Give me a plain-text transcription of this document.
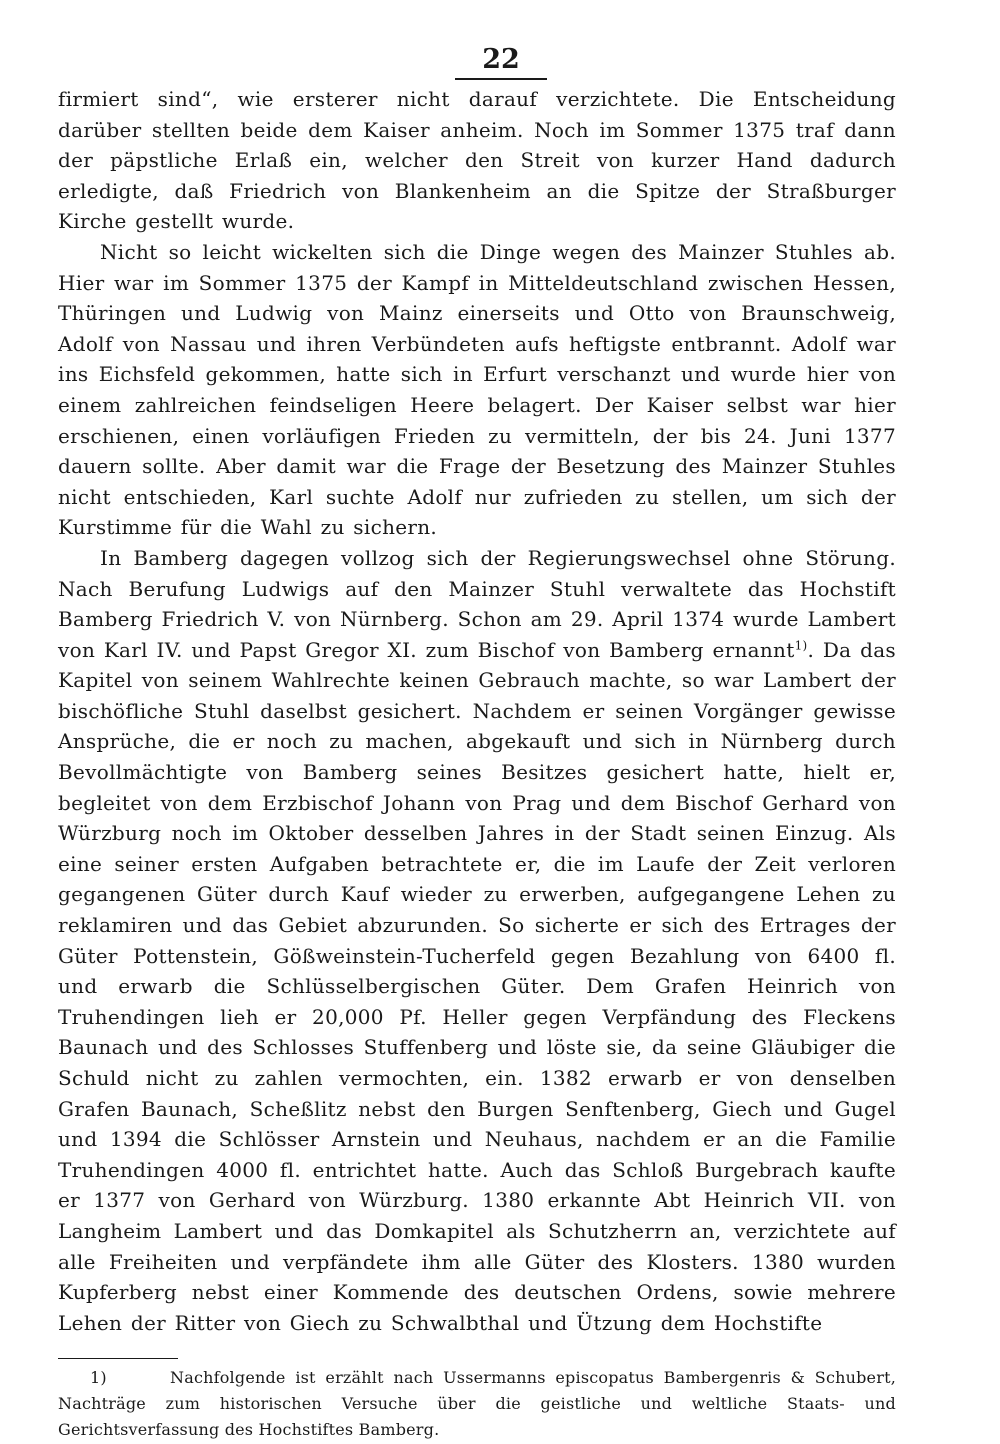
22

firmiert sind“, wie ersterer nicht darauf verzichtete. Die Entscheidung darüber stellten beide dem Kaiser anheim. Noch im Sommer 1375 traf dann der päpstliche Erlaß ein, welcher den Streit von kurzer Hand dadurch erledigte, daß Friedrich von Blankenheim an die Spitze der Straßburger Kirche gestellt wurde.

Nicht so leicht wickelten sich die Dinge wegen des Mainzer Stuhles ab. Hier war im Sommer 1375 der Kampf in Mitteldeutschland zwischen Hessen, Thüringen und Ludwig von Mainz einerseits und Otto von Braunschweig, Adolf von Nassau und ihren Verbündeten aufs heftigste entbrannt. Adolf war ins Eichsfeld gekommen, hatte sich in Erfurt verschanzt und wurde hier von einem zahlreichen feindseligen Heere belagert. Der Kaiser selbst war hier erschienen, einen vorläufigen Frieden zu vermitteln, der bis 24. Juni 1377 dauern sollte. Aber damit war die Frage der Besetzung des Mainzer Stuhles nicht entschieden, Karl suchte Adolf nur zufrieden zu stellen, um sich der Kurstimme für die Wahl zu sichern.

In Bamberg dagegen vollzog sich der Regierungswechsel ohne Störung. Nach Berufung Ludwigs auf den Mainzer Stuhl verwaltete das Hochstift Bamberg Friedrich V. von Nürnberg. Schon am 29. April 1374 wurde Lambert von Karl IV. und Papst Gregor XI. zum Bischof von Bamberg ernannt$^{1)}$. Da das Kapitel von seinem Wahlrechte keinen Gebrauch machte, so war Lambert der bischöfliche Stuhl daselbst gesichert. Nachdem er seinen Vorgänger gewisse Ansprüche, die er noch zu machen, abgekauft und sich in Nürnberg durch Bevollmächtigte von Bamberg seines Besitzes gesichert hatte, hielt er, begleitet von dem Erzbischof Johann von Prag und dem Bischof Gerhard von Würzburg noch im Oktober desselben Jahres in der Stadt seinen Einzug. Als eine seiner ersten Aufgaben betrachtete er, die im Laufe der Zeit verloren gegangenen Güter durch Kauf wieder zu erwerben, aufgegangene Lehen zu reklamiren und das Gebiet abzurunden. So sicherte er sich des Ertrages der Güter Pottenstein, Gößweinstein-Tucherfeld gegen Bezahlung von 6400 fl. und erwarb die Schlüsselbergischen Güter. Dem Grafen Heinrich von Truhendingen lieh er 20,000 Pf. Heller gegen Verpfändung des Fleckens Baunach und des Schlosses Stuffenberg und löste sie, da seine Gläubiger die Schuld nicht zu zahlen vermochten, ein. 1382 erwarb er von denselben Grafen Baunach, Scheßlitz nebst den Burgen Senftenberg, Giech und Gugel und 1394 die Schlösser Arnstein und Neuhaus, nachdem er an die Familie Truhendingen 4000 fl. entrichtet hatte. Auch das Schloß Burgebrach kaufte er 1377 von Gerhard von Würzburg. 1380 erkannte Abt Heinrich VII. von Langheim Lambert und das Domkapitel als Schutzherrn an, verzichtete auf alle Freiheiten und verpfändete ihm alle Güter des Klosters. 1380 wurden Kupferberg nebst einer Kommende des deutschen Ordens, sowie mehrere Lehen der Ritter von Giech zu Schwalbthal und Ützung dem Hochstifte

1)	Nachfolgende ist erzählt nach Ussermanns episcopatus Bambergenris & Schubert, Nachträge zum historischen Versuche über die geistliche und weltliche Staats- und Gerichtsverfassung des Hochstiftes Bamberg.
